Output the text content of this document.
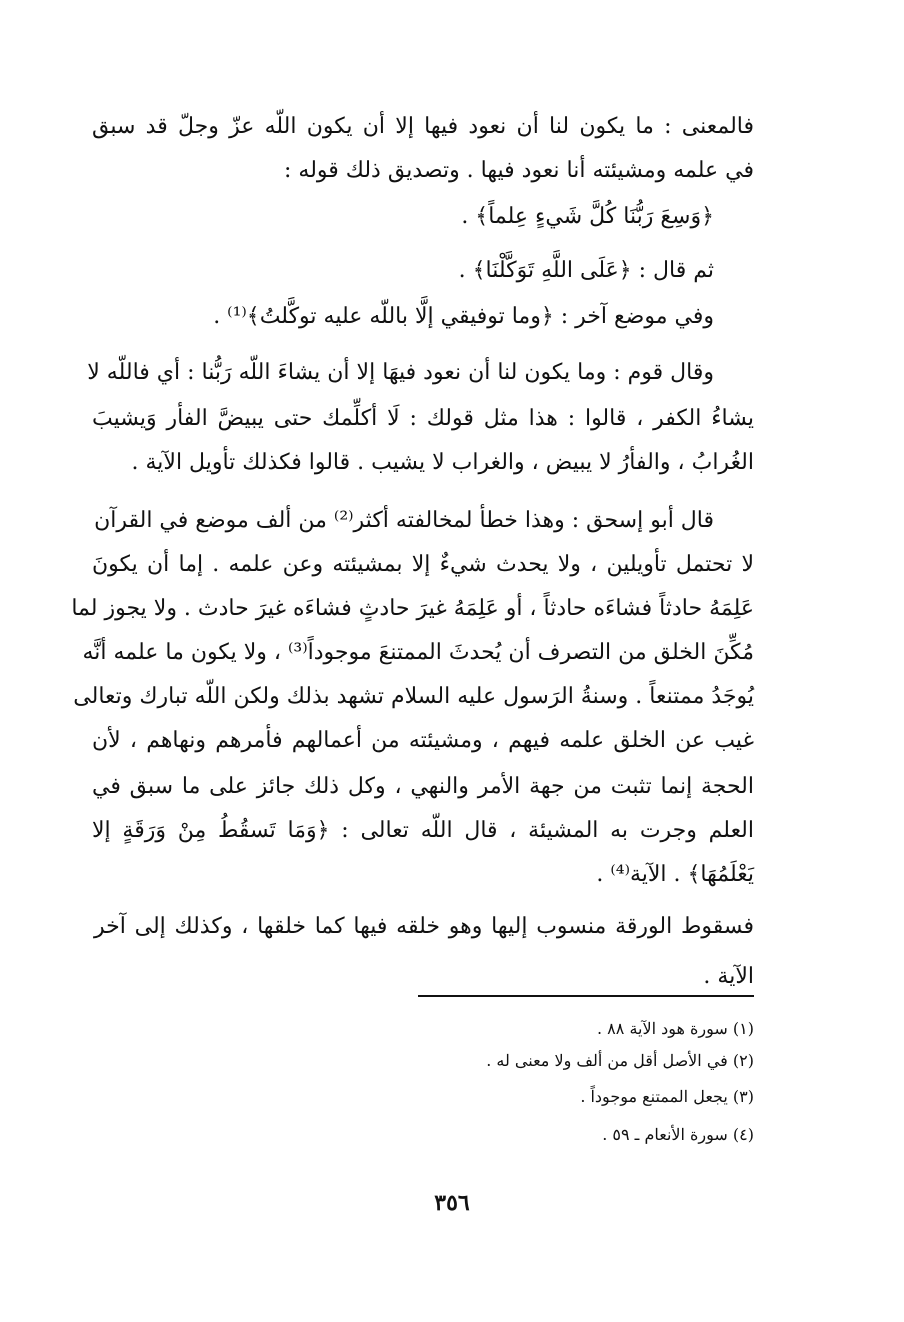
فالمعنى : ما يكون لنا أن نعود فيها إلا أن يكون اللّه عزّ وجلّ قد سبق
في علمه ومشيئته أنا نعود فيها . وتصديق ذلك قوله :
﴿وَسِعَ رَبُّنَا كُلَّ شَيءٍ عِلماً﴾ .
ثم قال : ﴿عَلَى اللَّهِ تَوَكَّلْنَا﴾ .
وفي موضع آخر : ﴿وما توفيقي إلَّا باللّه عليه توكَّلتُ﴾⁽¹⁾ .
وقال قوم : وما يكون لنا أن نعود فيهَا إلا أن يشاءَ اللّه رَبُّنا : أي فاللّه لا
يشاءُ الكفر ، قالوا : هذا مثل قولك : لَا أكلِّمك حتى يبيضَّ الفأر وَيشيبَ
الغُرابُ ، والفأرُ لا يبيض ، والغراب لا يشيب . قالوا فكذلك تأويل الآية .
قال أبو إسحق : وهذا خطأ لمخالفته أكثر⁽²⁾ من ألف موضع في القرآن
لا تحتمل تأويلين ، ولا يحدث شيءٌ إلا بمشيئته وعن علمه . إما أن يكونَ
عَلِمَهُ حادثاً فشاءَه حادثاً ، أو عَلِمَهُ غيرَ حادثٍ فشاءَه غيرَ حادث . ولا يجوز لما
مُكِّنَ الخلق من التصرف أن يُحدثَ الممتنعَ موجوداً⁽³⁾ ، ولا يكون ما علمه أنَّه
يُوجَدُ ممتنعاً . وسنةُ الرَسول عليه السلام تشهد بذلك ولكن اللّه تبارك وتعالى
غيب عن الخلق علمه فيهم ، ومشيئته من أعمالهم فأمرهم ونهاهم ، لأن
الحجة إنما تثبت من جهة الأمر والنهي ، وكل ذلك جائز على ما سبق في
العلم وجرت به المشيئة ، قال اللّه تعالى : ﴿وَمَا تَسقُطُ مِنْ وَرَقَةٍ إلا
يَعْلَمُهَا﴾ . الآية⁽⁴⁾ .
فسقوط الورقة منسوب إليها وهو خلقه فيها كما خلقها ، وكذلك إلى آخر
الآية .
(١) سورة هود الآية ٨٨ .
(٢) في الأصل أقل من ألف ولا معنى له .
(٣) يجعل الممتنع موجوداً .
(٤) سورة الأنعام ـ ٥٩ .
٣٥٦
